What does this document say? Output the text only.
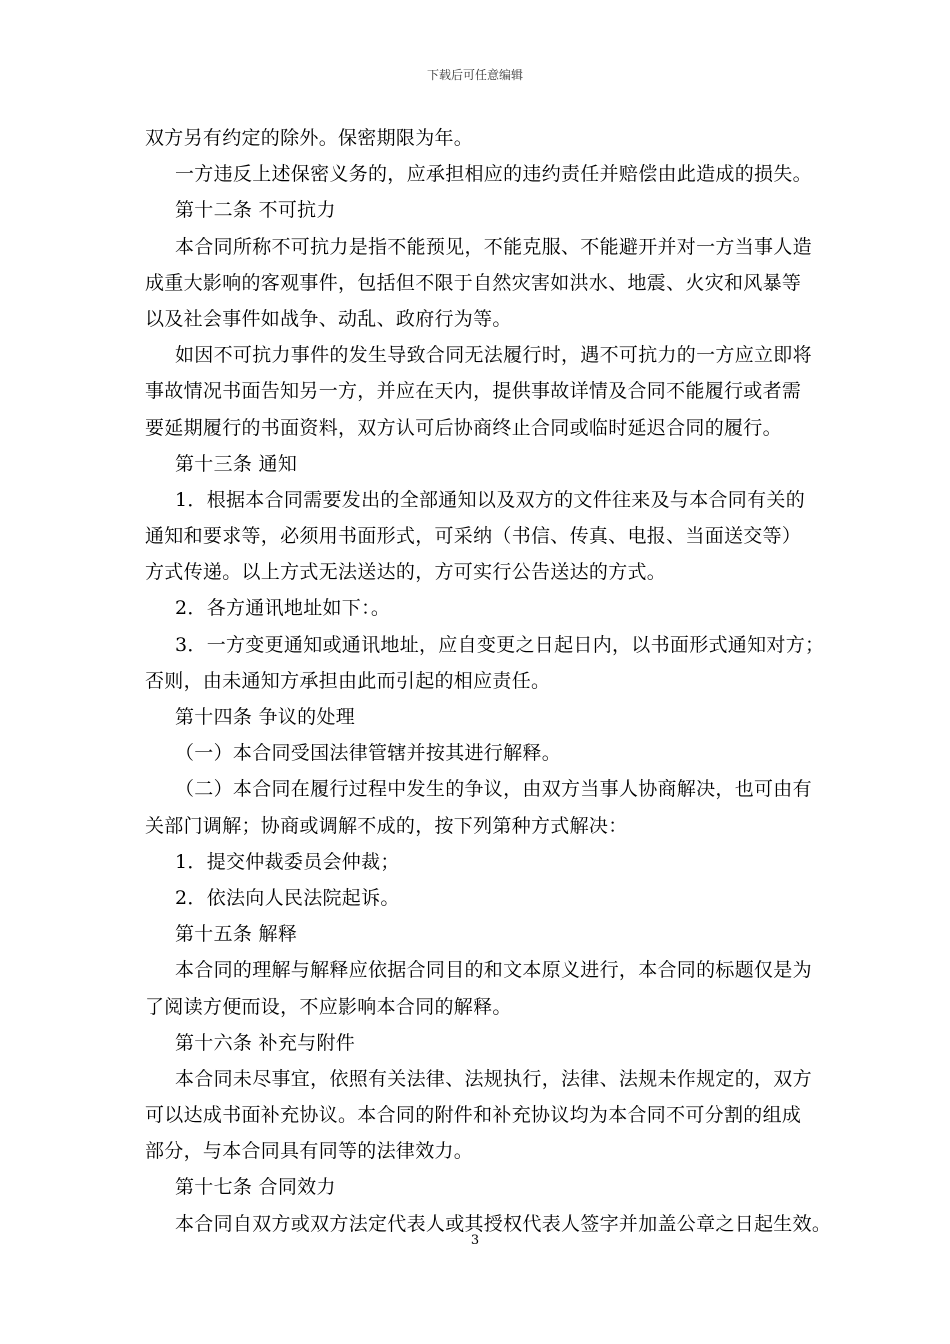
下载后可任意编辑
双方另有约定的除外。保密期限为年。
一方违反上述保密义务的，应承担相应的违约责任并赔偿由此造成的损失。
第十二条 不可抗力
本合同所称不可抗力是指不能预见，不能克服、不能避开并对一方当事人造
成重大影响的客观事件，包括但不限于自然灾害如洪水、地震、火灾和风暴等
以及社会事件如战争、动乱、政府行为等。
如因不可抗力事件的发生导致合同无法履行时，遇不可抗力的一方应立即将
事故情况书面告知另一方，并应在天内，提供事故详情及合同不能履行或者需
要延期履行的书面资料，双方认可后协商终止合同或临时延迟合同的履行。
第十三条 通知
1．根据本合同需要发出的全部通知以及双方的文件往来及与本合同有关的
通知和要求等，必须用书面形式，可采纳（书信、传真、电报、当面送交等）
方式传递。以上方式无法送达的，方可实行公告送达的方式。
2．各方通讯地址如下：。
3．一方变更通知或通讯地址，应自变更之日起日内，以书面形式通知对方；
否则，由未通知方承担由此而引起的相应责任。
第十四条 争议的处理
（一）本合同受国法律管辖并按其进行解释。
（二）本合同在履行过程中发生的争议，由双方当事人协商解决，也可由有
关部门调解；协商或调解不成的，按下列第种方式解决：
1．提交仲裁委员会仲裁；
2．依法向人民法院起诉。
第十五条 解释
本合同的理解与解释应依据合同目的和文本原义进行，本合同的标题仅是为
了阅读方便而设，不应影响本合同的解释。
第十六条 补充与附件
本合同未尽事宜，依照有关法律、法规执行，法律、法规未作规定的，双方
可以达成书面补充协议。本合同的附件和补充协议均为本合同不可分割的组成
部分，与本合同具有同等的法律效力。
第十七条 合同效力
本合同自双方或双方法定代表人或其授权代表人签字并加盖公章之日起生效。
3
